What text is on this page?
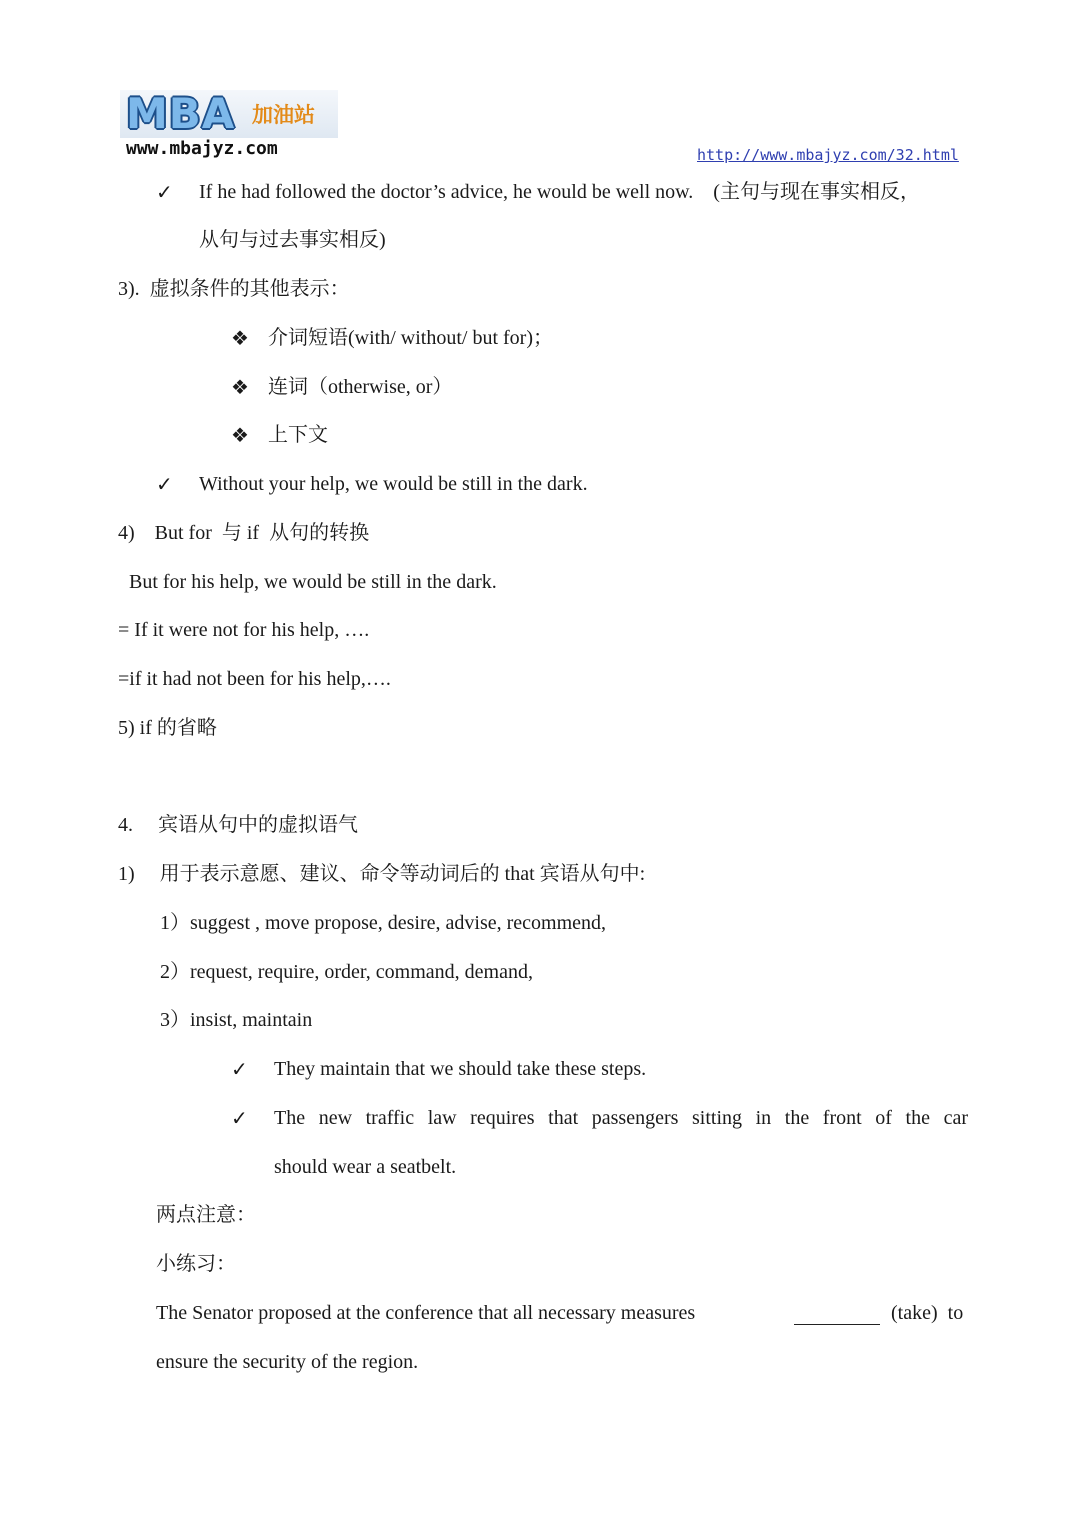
MBA 加油站
www.mbajyz.com	http://www.mbajyz.com/32.html
✓ If he had followed the doctor’s advice, he would be well now.    (主句与现在事实相反，
从句与过去事实相反)
3).  虚拟条件的其他表示：
❖ 介词短语(with/ without/ but for)；
❖ 连词（otherwise, or）
❖ 上下文
✓ Without your help, we would be still in the dark.
4)    But for  与 if  从句的转换
But for his help, we would be still in the dark.
= If it were not for his help, ….
=if it had not been for his help,….
5) if 的省略
4.     宾语从句中的虚拟语气
1)     用于表示意愿、建议、命令等动词后的 that 宾语从句中:
1）suggest , move propose, desire, advise, recommend,
2）request, require, order, command, demand,
3）insist, maintain
✓ They maintain that we should take these steps.
✓ The new traffic law requires that passengers sitting in the front of the car
should wear a seatbelt.
两点注意：
小练习：
The Senator proposed at the conference that all necessary measures	(take)  to
ensure the security of the region.
